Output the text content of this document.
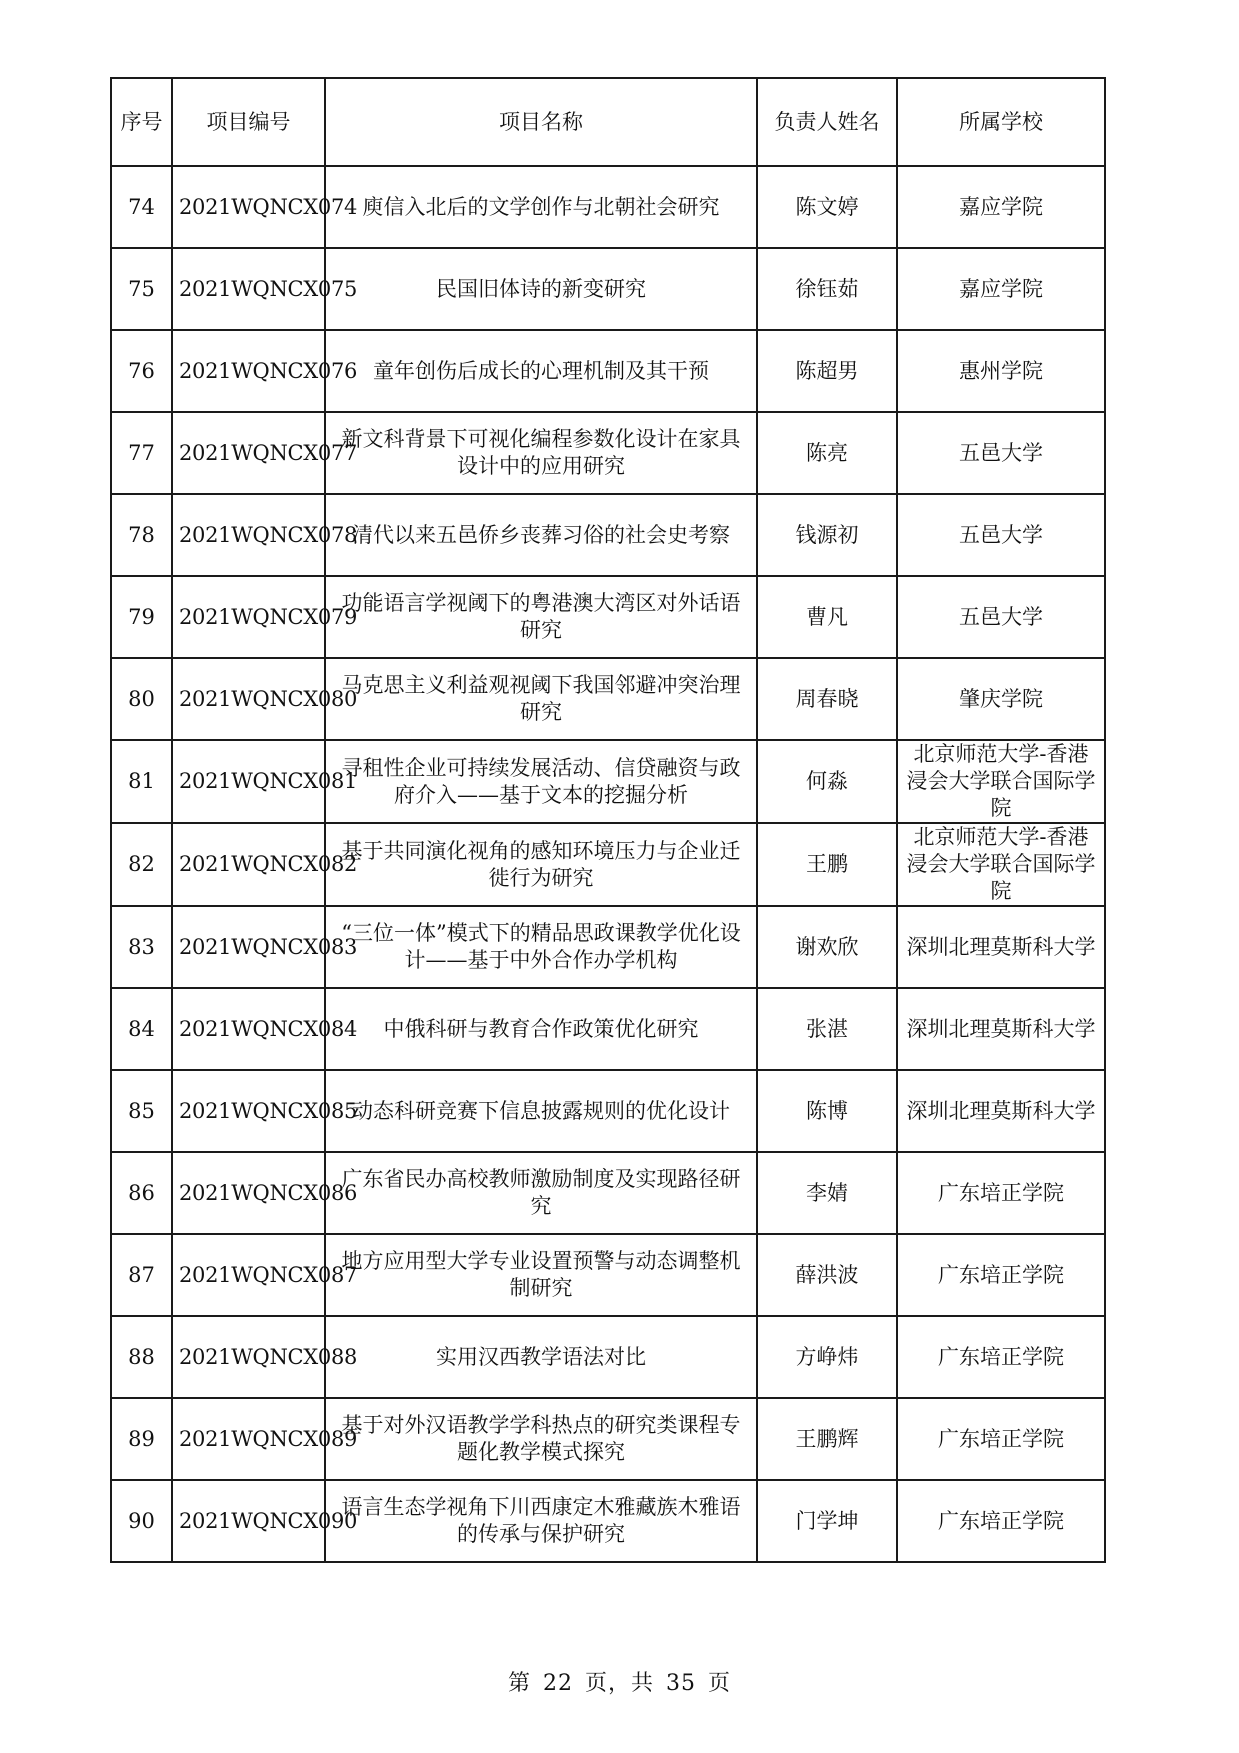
序号	项目编号	项目名称	负责人姓名	所属学校
74	2021WQNCX074	庾信入北后的文学创作与北朝社会研究	陈文婷	嘉应学院
75	2021WQNCX075	民国旧体诗的新变研究	徐钰茹	嘉应学院
76	2021WQNCX076	童年创伤后成长的心理机制及其干预	陈超男	惠州学院
77	2021WQNCX077	新文科背景下可视化编程参数化设计在家具设计中的应用研究	陈亮	五邑大学
78	2021WQNCX078	清代以来五邑侨乡丧葬习俗的社会史考察	钱源初	五邑大学
79	2021WQNCX079	功能语言学视阈下的粤港澳大湾区对外话语研究	曹凡	五邑大学
80	2021WQNCX080	马克思主义利益观视阈下我国邻避冲突治理研究	周春晓	肇庆学院
81	2021WQNCX081	寻租性企业可持续发展活动、信贷融资与政府介入——基于文本的挖掘分析	何淼	北京师范大学-香港浸会大学联合国际学院
82	2021WQNCX082	基于共同演化视角的感知环境压力与企业迁徙行为研究	王鹏	北京师范大学-香港浸会大学联合国际学院
83	2021WQNCX083	“三位一体”模式下的精品思政课教学优化设计——基于中外合作办学机构	谢欢欣	深圳北理莫斯科大学
84	2021WQNCX084	中俄科研与教育合作政策优化研究	张湛	深圳北理莫斯科大学
85	2021WQNCX085	动态科研竞赛下信息披露规则的优化设计	陈博	深圳北理莫斯科大学
86	2021WQNCX086	广东省民办高校教师激励制度及实现路径研究	李婧	广东培正学院
87	2021WQNCX087	地方应用型大学专业设置预警与动态调整机制研究	薛洪波	广东培正学院
88	2021WQNCX088	实用汉西教学语法对比	方峥炜	广东培正学院
89	2021WQNCX089	基于对外汉语教学学科热点的研究类课程专题化教学模式探究	王鹏辉	广东培正学院
90	2021WQNCX090	语言生态学视角下川西康定木雅藏族木雅语的传承与保护研究	门学坤	广东培正学院
第 22 页，共 35 页
